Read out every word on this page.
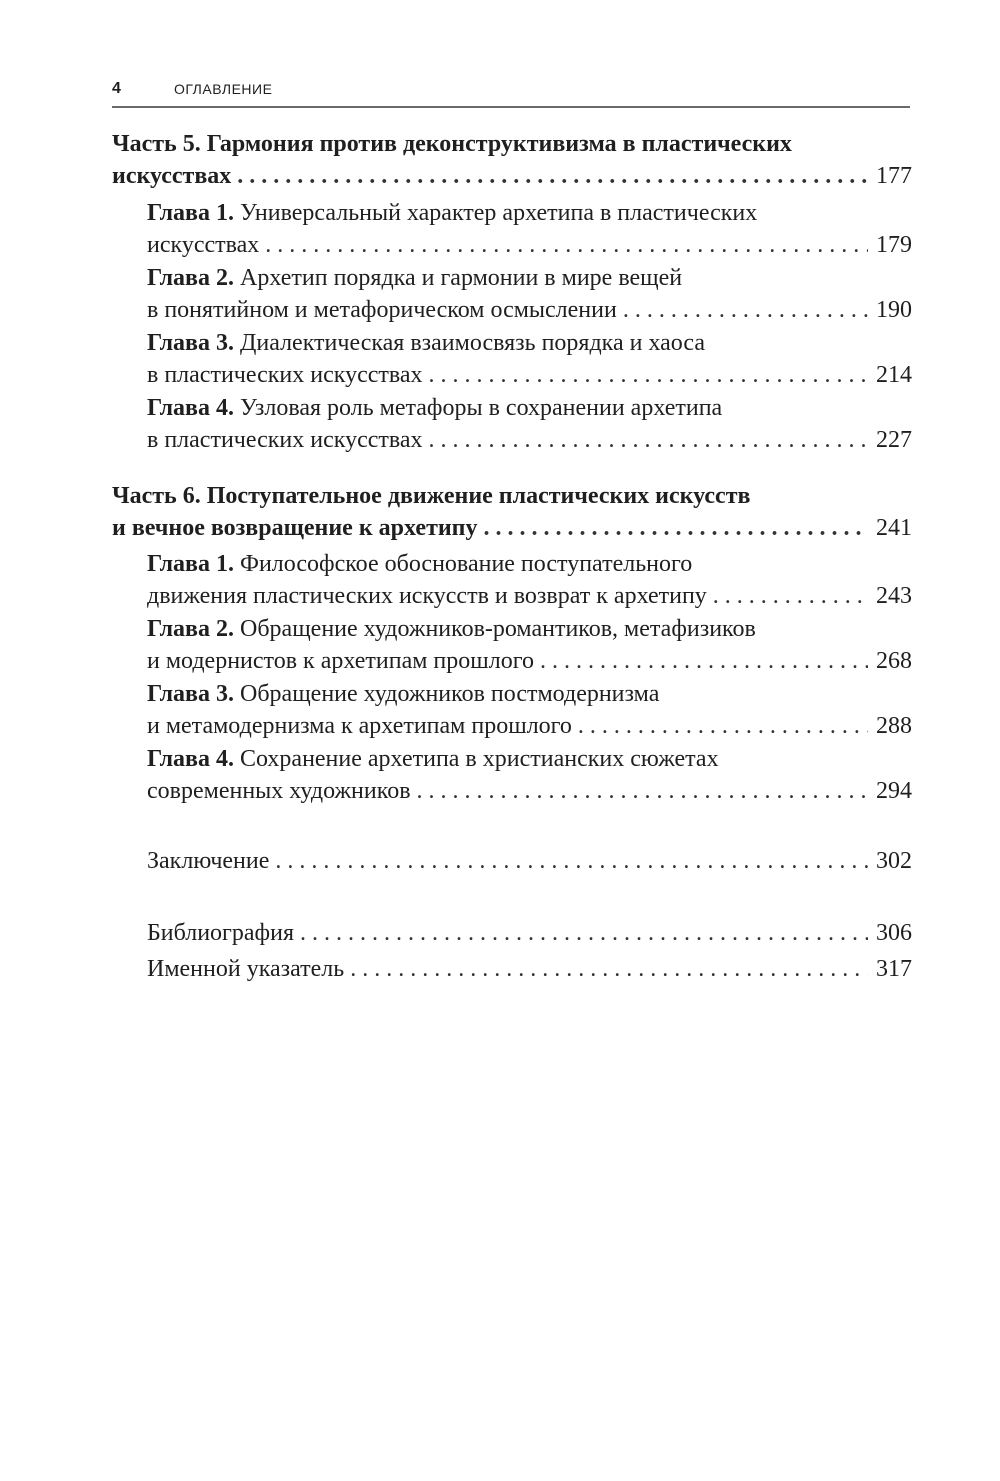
4	ОГЛАВЛЕНИЕ
Часть 5. Гармония против деконструктивизма в пластических
искусствах . . .	177
Глава 1. Универсальный характер архетипа в пластических
искусствах . . .	179
Глава 2. Архетип порядка и гармонии в мире вещей
в понятийном и метафорическом осмыслении . . .	190
Глава 3. Диалектическая взаимосвязь порядка и хаоса
в пластических искусствах . . .	214
Глава 4. Узловая роль метафоры в сохранении архетипа
в пластических искусствах . . .	227
Часть 6. Поступательное движение пластических искусств
и вечное возвращение к архетипу . . .	241
Глава 1. Философское обоснование поступательного
движения пластических искусств и возврат к архетипу . . .	243
Глава 2. Обращение художников-романтиков, метафизиков
и модернистов к архетипам прошлого . . .	268
Глава 3. Обращение художников постмодернизма
и метамодернизма к архетипам прошлого . . .	288
Глава 4. Сохранение архетипа в христианских сюжетах
современных художников . . .	294
Заключение . . .	302
Библиография . . .	306
Именной указатель . . .	317
